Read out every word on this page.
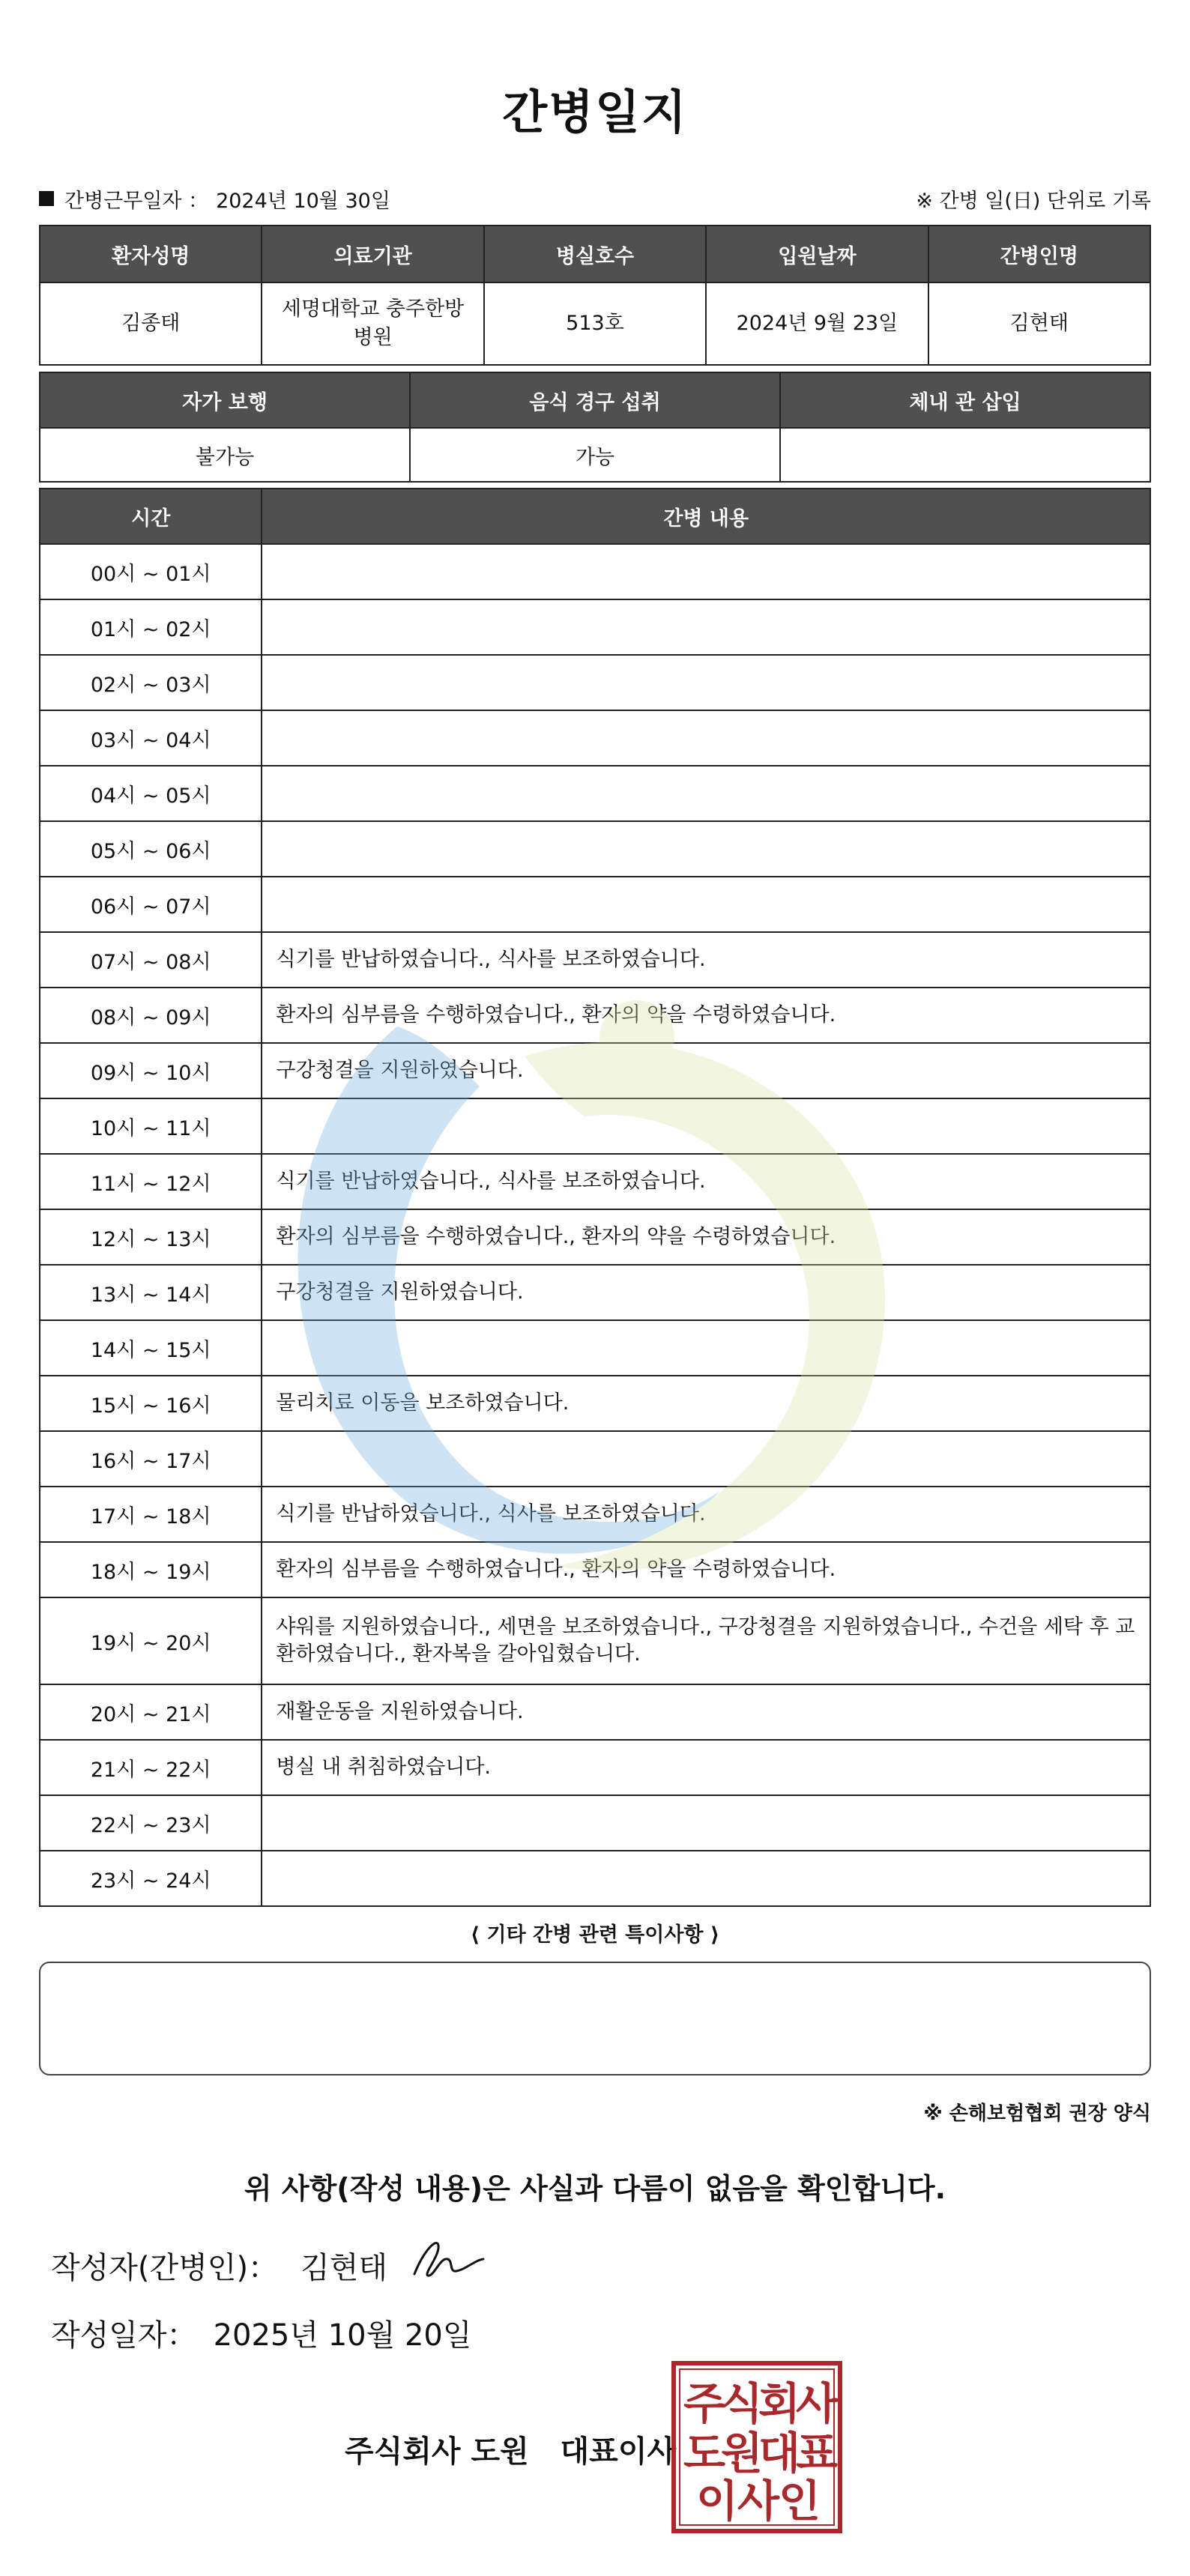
간병일지
간병근무일자 ： 2024년 10월 30일	※ 간병 일(日) 단위로 기록
환자성명	의료기관	병실호수	입원날짜	간병인명
김종태	세명대학교 충주한방병원	513호	2024년 9월 23일	김현태
자가 보행	음식 경구 섭취	체내 관 삽입
불가능	가능	
시간	간병 내용
00시 ~ 01시	
01시 ~ 02시	
02시 ~ 03시	
03시 ~ 04시	
04시 ~ 05시	
05시 ~ 06시	
06시 ~ 07시	
07시 ~ 08시	식기를 반납하였습니다., 식사를 보조하였습니다.
08시 ~ 09시	환자의 심부름을 수행하였습니다., 환자의 약을 수령하였습니다.
09시 ~ 10시	구강청결을 지원하였습니다.
10시 ~ 11시	
11시 ~ 12시	식기를 반납하였습니다., 식사를 보조하였습니다.
12시 ~ 13시	환자의 심부름을 수행하였습니다., 환자의 약을 수령하였습니다.
13시 ~ 14시	구강청결을 지원하였습니다.
14시 ~ 15시	
15시 ~ 16시	물리치료 이동을 보조하였습니다.
16시 ~ 17시	
17시 ~ 18시	식기를 반납하였습니다., 식사를 보조하였습니다.
18시 ~ 19시	환자의 심부름을 수행하였습니다., 환자의 약을 수령하였습니다.
19시 ~ 20시	샤워를 지원하였습니다., 세면을 보조하였습니다., 구강청결을 지원하였습니다., 수건을 세탁 후 교환하였습니다., 환자복을 갈아입혔습니다.
20시 ~ 21시	재활운동을 지원하였습니다.
21시 ~ 22시	병실 내 취침하였습니다.
22시 ~ 23시	
23시 ~ 24시	
⟨ 기타 간병 관련 특이사항 ⟩
※ 손해보험협회 권장 양식
위 사항(작성 내용)은 사실과 다름이 없음을 확인합니다.
작성자(간병인)： 김현태
작성일자： 2025년 10월 20일
주식회사 도원   대표이사
주
식
회
사
도
원
대
표
이
사
인
